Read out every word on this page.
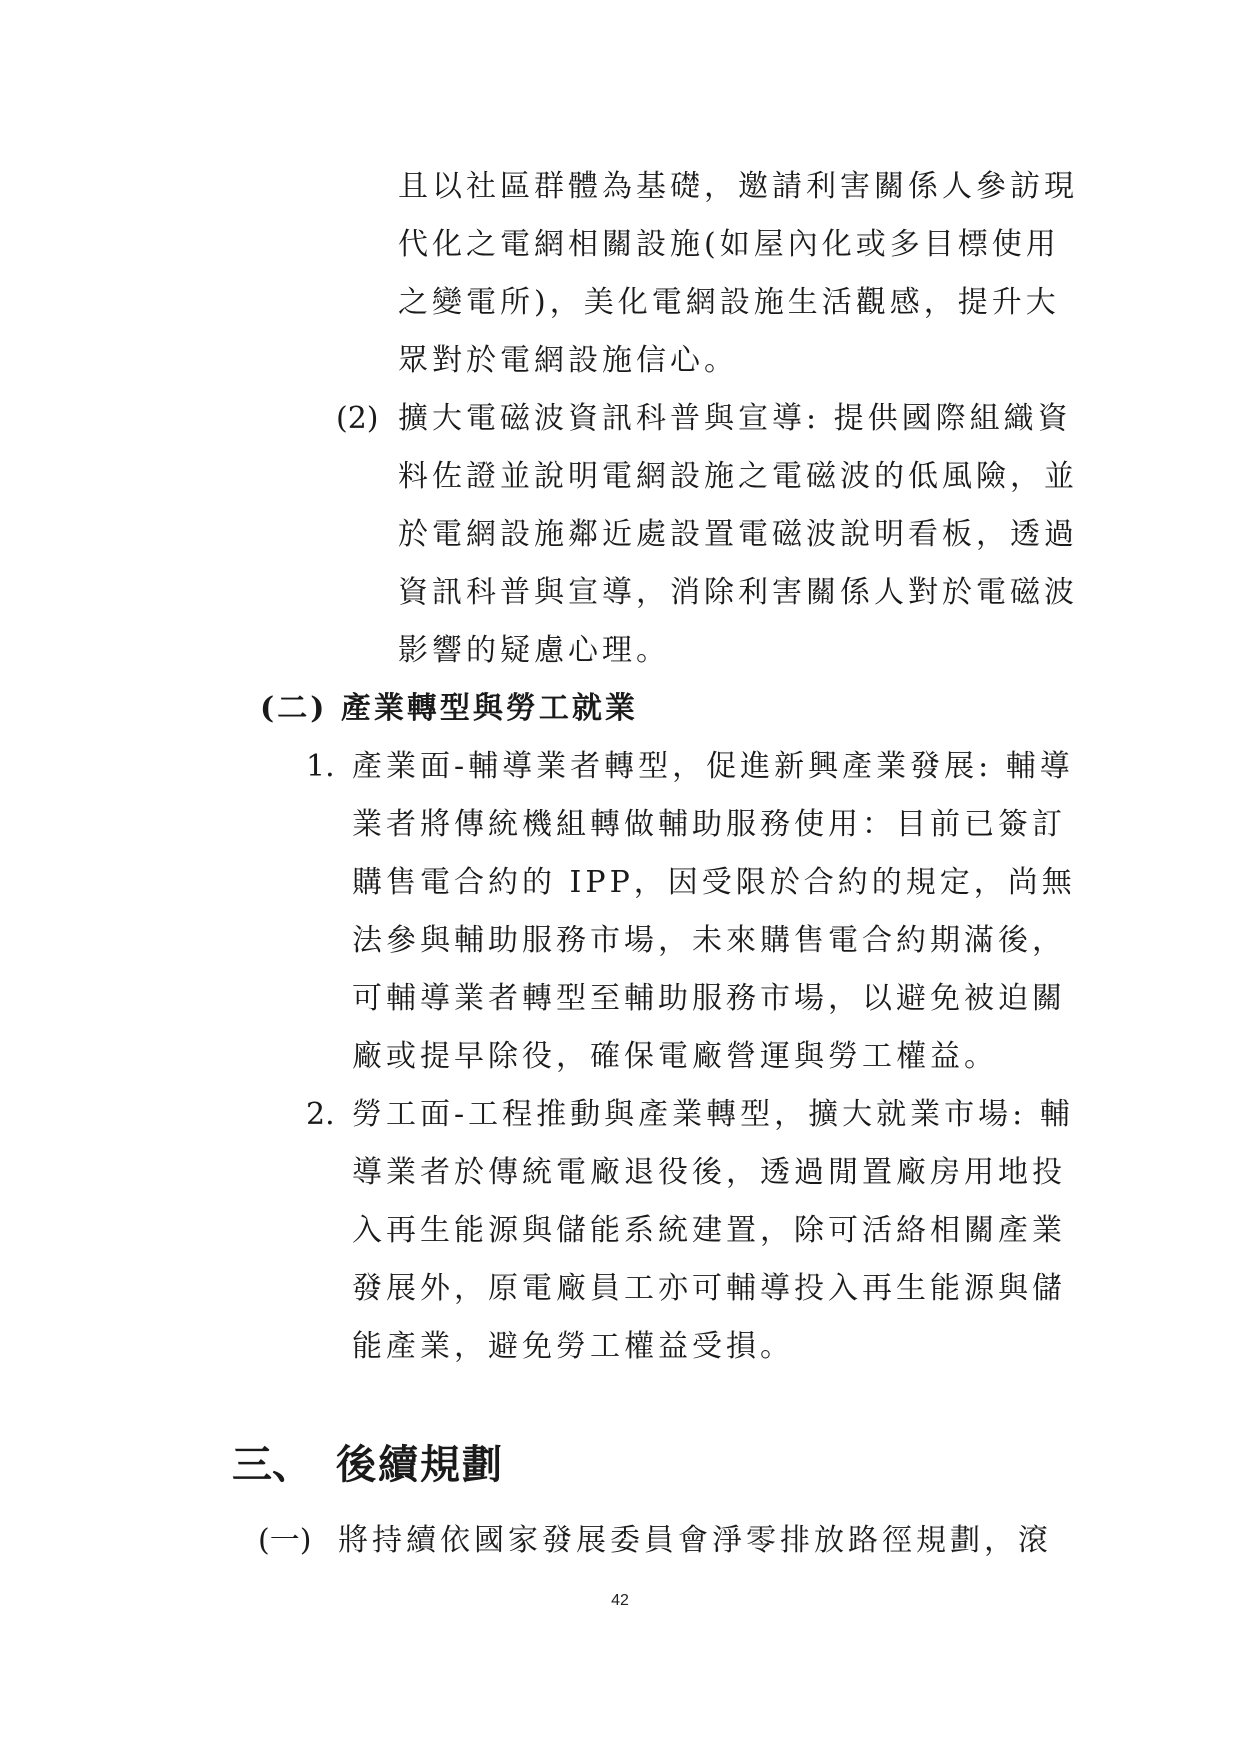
且以社區群體為基礎，邀請利害關係人參訪現
代化之電網相關設施(如屋內化或多目標使用
之變電所)，美化電網設施生活觀感，提升大
眾對於電網設施信心。
(2) 擴大電磁波資訊科普與宣導: 提供國際組織資
料佐證並說明電網設施之電磁波的低風險，並
於電網設施鄰近處設置電磁波說明看板，透過
資訊科普與宣導，消除利害關係人對於電磁波
影響的疑慮心理。
(二) 產業轉型與勞工就業
1. 產業面-輔導業者轉型，促進新興產業發展: 輔導
業者將傳統機組轉做輔助服務使用：目前已簽訂
購售電合約的 IPP，因受限於合約的規定，尚無
法參與輔助服務市場，未來購售電合約期滿後，
可輔導業者轉型至輔助服務市場，以避免被迫關
廠或提早除役，確保電廠營運與勞工權益。
2. 勞工面-工程推動與產業轉型，擴大就業市場: 輔
導業者於傳統電廠退役後，透過閒置廠房用地投
入再生能源與儲能系統建置，除可活絡相關產業
發展外，原電廠員工亦可輔導投入再生能源與儲
能產業，避免勞工權益受損。
三、 後續規劃
(一) 將持續依國家發展委員會淨零排放路徑規劃，滾
42
